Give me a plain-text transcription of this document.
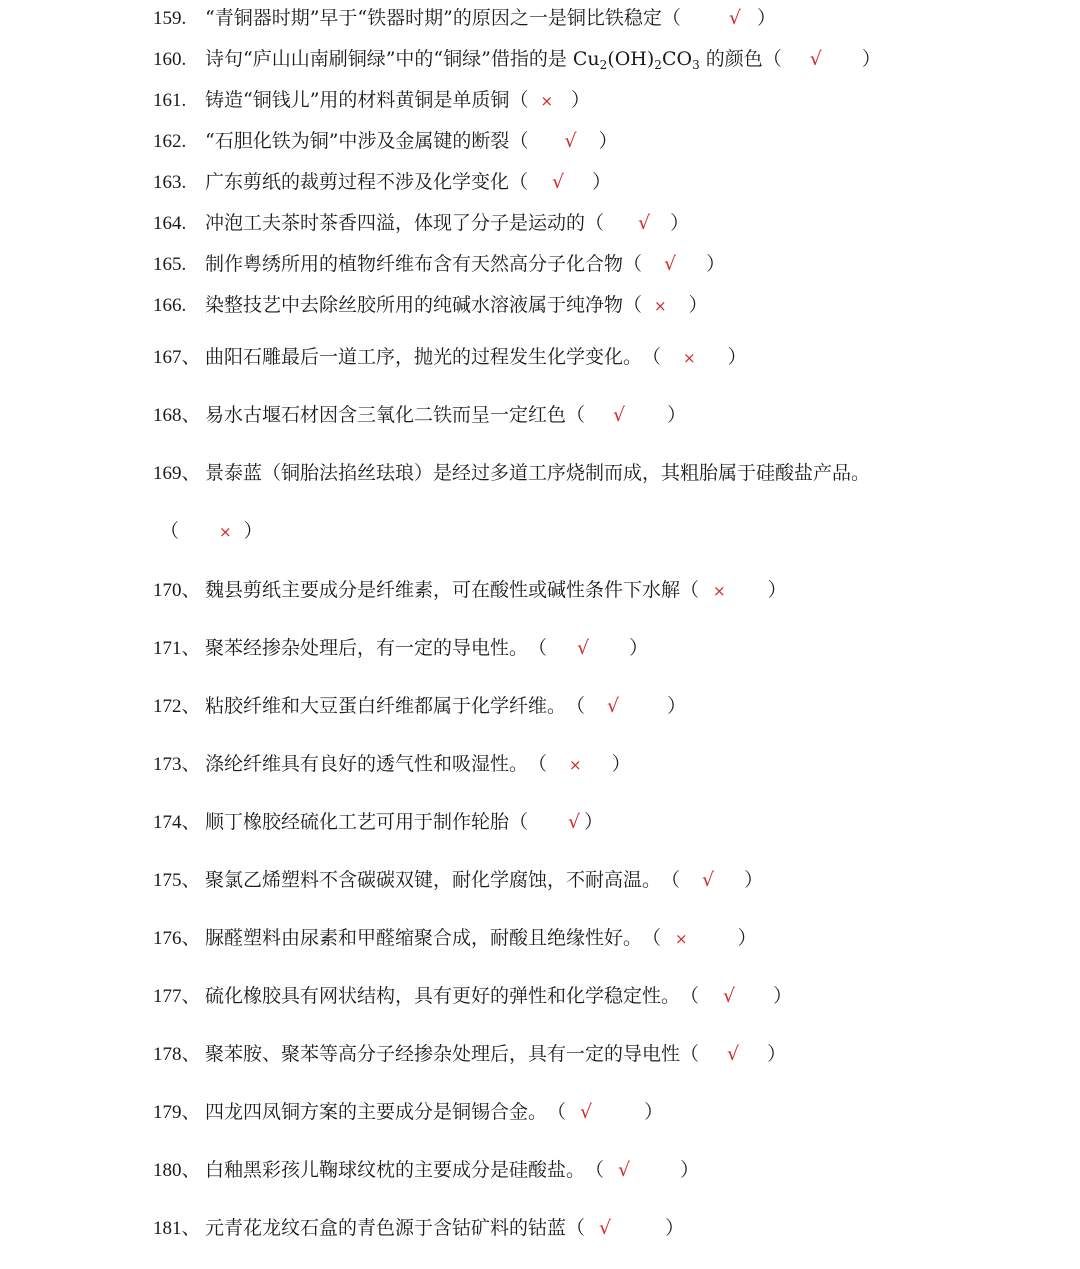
159. “青铜器时期”早于“铁器时期”的原因之一是铜比铁稳定（	√ ）
160. 诗句“庐山山南刷铜绿”中的“铜绿”借指的是 $Cu_2(OH)_2CO_3$ 的颜色（ √ ）
161. 铸造“铜钱儿”用的材料黄铜是单质铜（ × ）
162. “石胆化铁为铜”中涉及金属键的断裂（ √ ）
163. 广东剪纸的裁剪过程不涉及化学变化（ √ ）
164. 冲泡工夫茶时茶香四溢，体现了分子是运动的（ √ ）
165. 制作粤绣所用的植物纤维布含有天然高分子化合物（ √ ）
166. 染整技艺中去除丝胶所用的纯碱水溶液属于纯净物（ × ）
167、 曲阳石雕最后一道工序，抛光的过程发生化学变化。（ × ）
168、 易水古堰石材因含三氧化二铁而呈一定红色（ √ ）
169、 景泰蓝（铜胎法掐丝珐琅）是经过多道工序烧制而成，其粗胎属于硅酸盐产品。
（	× ）
170、 魏县剪纸主要成分是纤维素，可在酸性或碱性条件下水解（ × ）
171、 聚苯经掺杂处理后，有一定的导电性。（ √ ）
172、 粘胶纤维和大豆蛋白纤维都属于化学纤维。（ √	）
173、 涤纶纤维具有良好的透气性和吸湿性。（ × ）
174、 顺丁橡胶经硫化工艺可用于制作轮胎（ √ ）
175、 聚氯乙烯塑料不含碳碳双键，耐化学腐蚀，不耐高温。（ √ ）
176、 脲醛塑料由尿素和甲醛缩聚合成，耐酸且绝缘性好。（ ×	）
177、 硫化橡胶具有网状结构，具有更好的弹性和化学稳定性。（ √ ）
178、 聚苯胺、聚苯等高分子经掺杂处理后，具有一定的导电性（ √ ）
179、 四龙四凤铜方案的主要成分是铜锡合金。（ √	）
180、 白釉黑彩孩儿鞠球纹枕的主要成分是硅酸盐。（ √	）
181、 元青花龙纹石盒的青色源于含钴矿料的钴蓝（ √	）
